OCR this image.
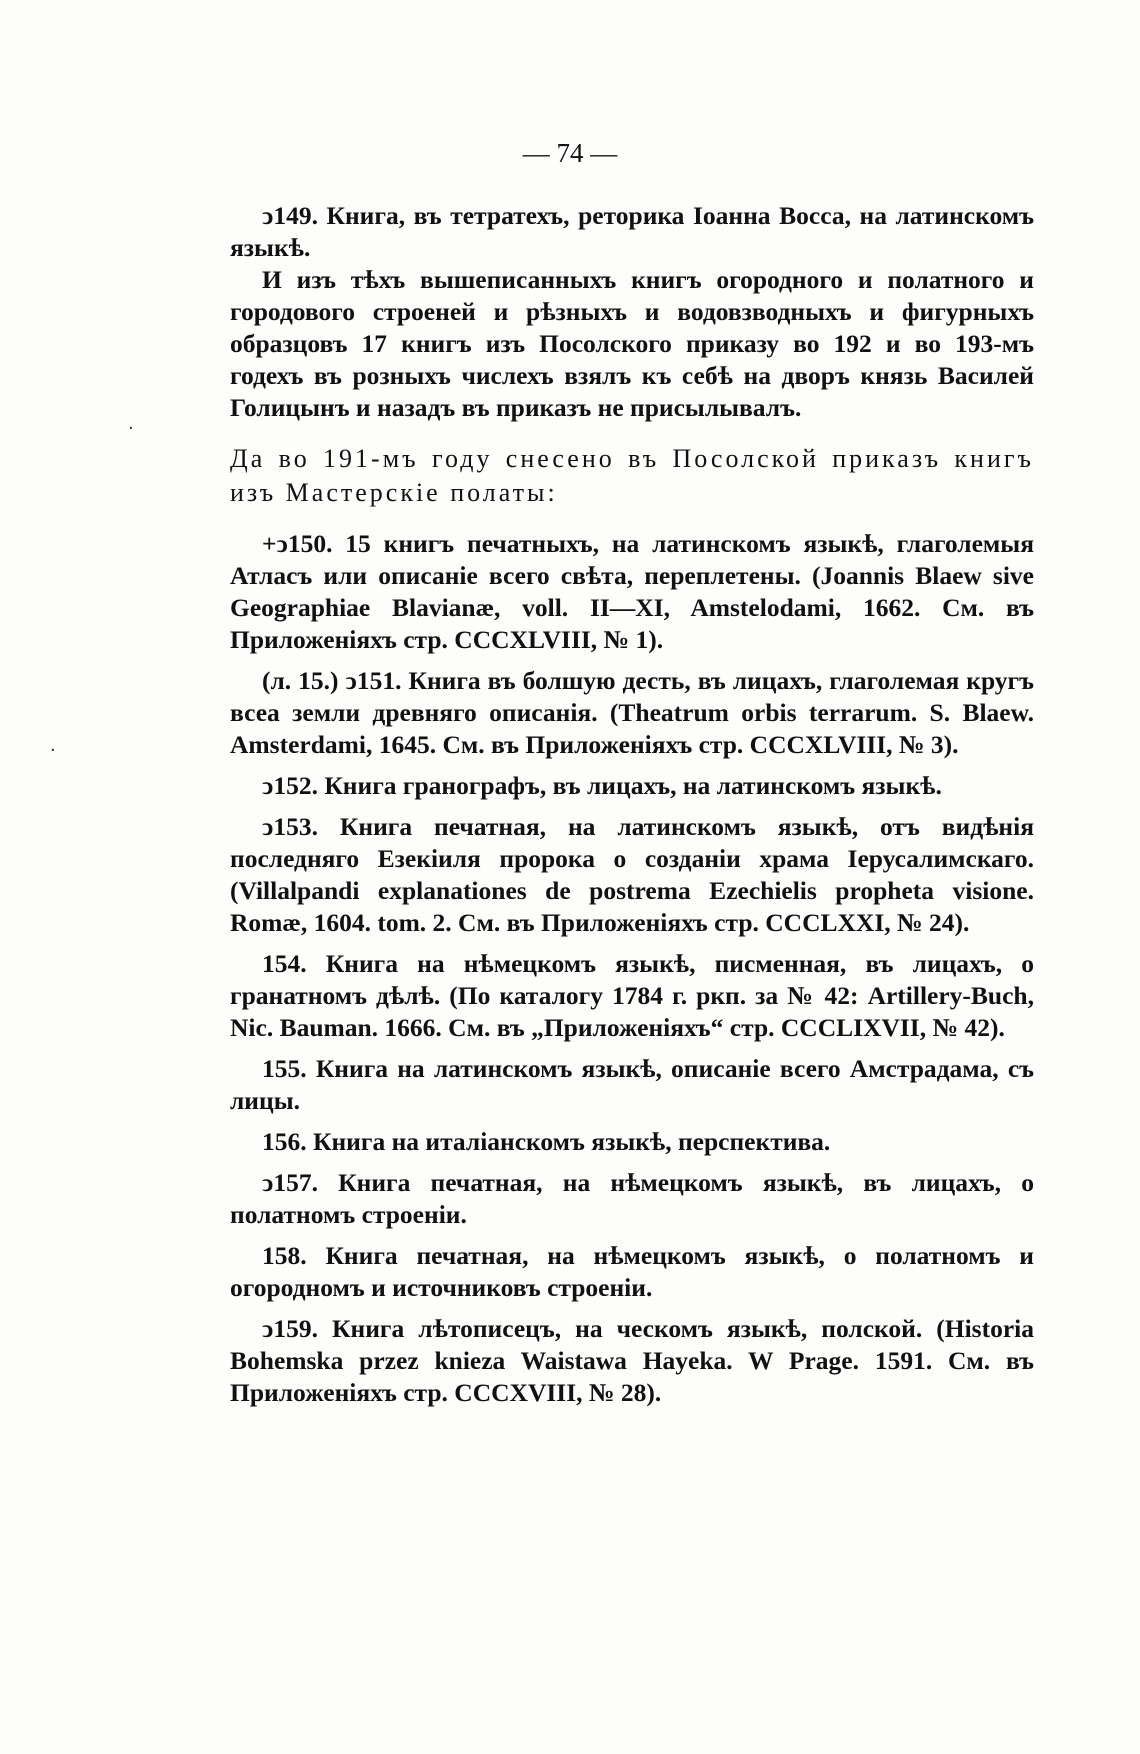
— 74 —
·
·

ↄ149. Книга, въ тетратехъ, реторика Іоанна Восса, на латинскомъ языкѣ.

И изъ тѣхъ вышеписанныхъ книгъ огородного и полатного и городового строеней и рѣзныхъ и водовзводныхъ и фигурныхъ образцовъ 17 книгъ изъ Посолского приказу во 192 и во 193-мъ годехъ въ розныхъ числехъ взялъ къ себѣ на дворъ князь Василей Голицынъ и назадъ въ приказъ не присылывалъ.

Да во 191-мъ году снесено въ Посолской приказъ книгъ изъ Мастерскіе полаты:

+ↄ150. 15 книгъ печатныхъ, на латинскомъ языкѣ, глаголемыя Атласъ или описаніе всего свѣта, переплетены. (Joannis Blaew sive Geographiae Blavianæ, voll. II—XI, Amstelodami, 1662. См. въ Приложеніяхъ стр. CCCXLVIII, № 1).

(л. 15.) ↄ151. Книга въ болшую десть, въ лицахъ, глаголемая кругъ всеа земли древняго описанія. (Theatrum orbis terrarum. S. Blaew. Amsterdami, 1645. См. въ Приложеніяхъ стр. CCCXLVIII, № 3).

ↄ152. Книга гранографъ, въ лицахъ, на латинскомъ языкѣ.

ↄ153. Книга печатная, на латинскомъ языкѣ, отъ видѣнія последняго Езекіиля пророка о созданіи храма Іерусалимскаго. (Villalpandi explanationes de postrema Ezechielis propheta visione. Romæ, 1604. tom. 2. См. въ Приложеніяхъ стр. CCCLXXI, № 24).

154. Книга на нѣмецкомъ языкѣ, писменная, въ лицахъ, о гранатномъ дѣлѣ. (По каталогу 1784 г. ркп. за № 42: Artillery-Buch, Nic. Bauman. 1666. См. въ „Приложеніяхъ“ стр. CCCLIXVII, № 42).

155. Книга на латинскомъ языкѣ, описаніе всего Амстрадама, съ лицы.

156. Книга на италіанскомъ языкѣ, перспектива.

ↄ157. Книга печатная, на нѣмецкомъ языкѣ, въ лицахъ, о полатномъ строеніи.

158. Книга печатная, на нѣмецкомъ языкѣ, о полатномъ и огородномъ и источниковъ строеніи.

ↄ159. Книга лѣтописецъ, на ческомъ языкѣ, полской. (Historia Bohemska przez knieza Waistawa Hayeka. W Prage. 1591. См. въ Приложеніяхъ стр. CCCXVIII, № 28).
